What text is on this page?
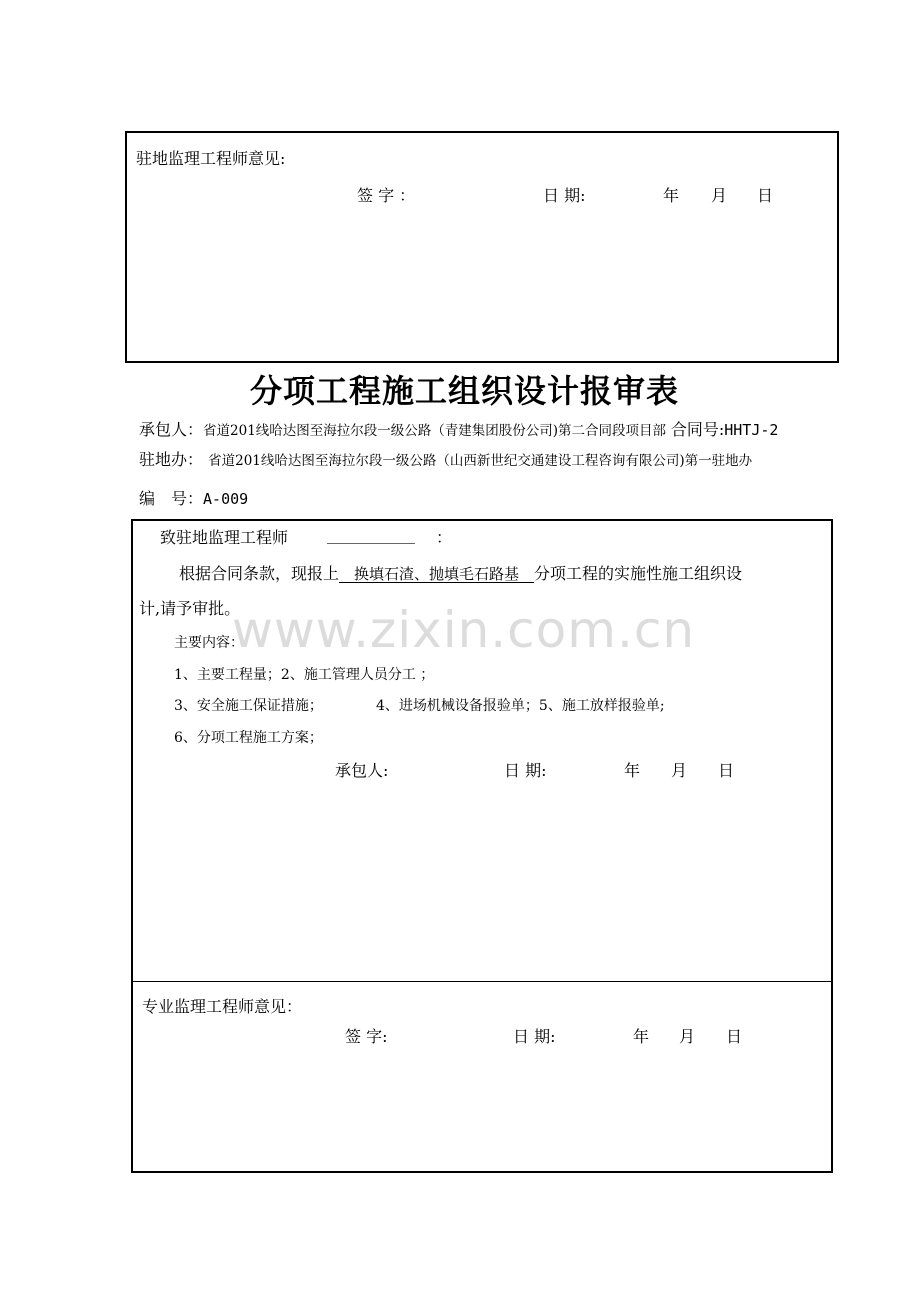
驻地监理工程师意见:
签 字 ：	日 期:	年 月 日
分项工程施工组织设计报审表
承包人：省道201线哈达图至海拉尔段一级公路（青建集团股份公司)第二合同段项目部 合同号:HHTJ-2
驻地办： 省道201线哈达图至海拉尔段一级公路（山西新世纪交通建设工程咨询有限公司)第一驻地办
编　号：A-009
致驻地监理工程师 ___________ ：
根据合同条款，现报上　换填石渣、抛填毛石路基　分项工程的实施性施工组织设
计,请予审批。
主要内容：
1、主要工程量；2、施工管理人员分工 ；
3、安全施工保证措施；	4、进场机械设备报验单；5、施工放样报验单;
6、分项工程施工方案；
承包人:	日 期:	年 月 日
www.zixin.com.cn
专业监理工程师意见：
签 字:	日 期:	年 月 日
